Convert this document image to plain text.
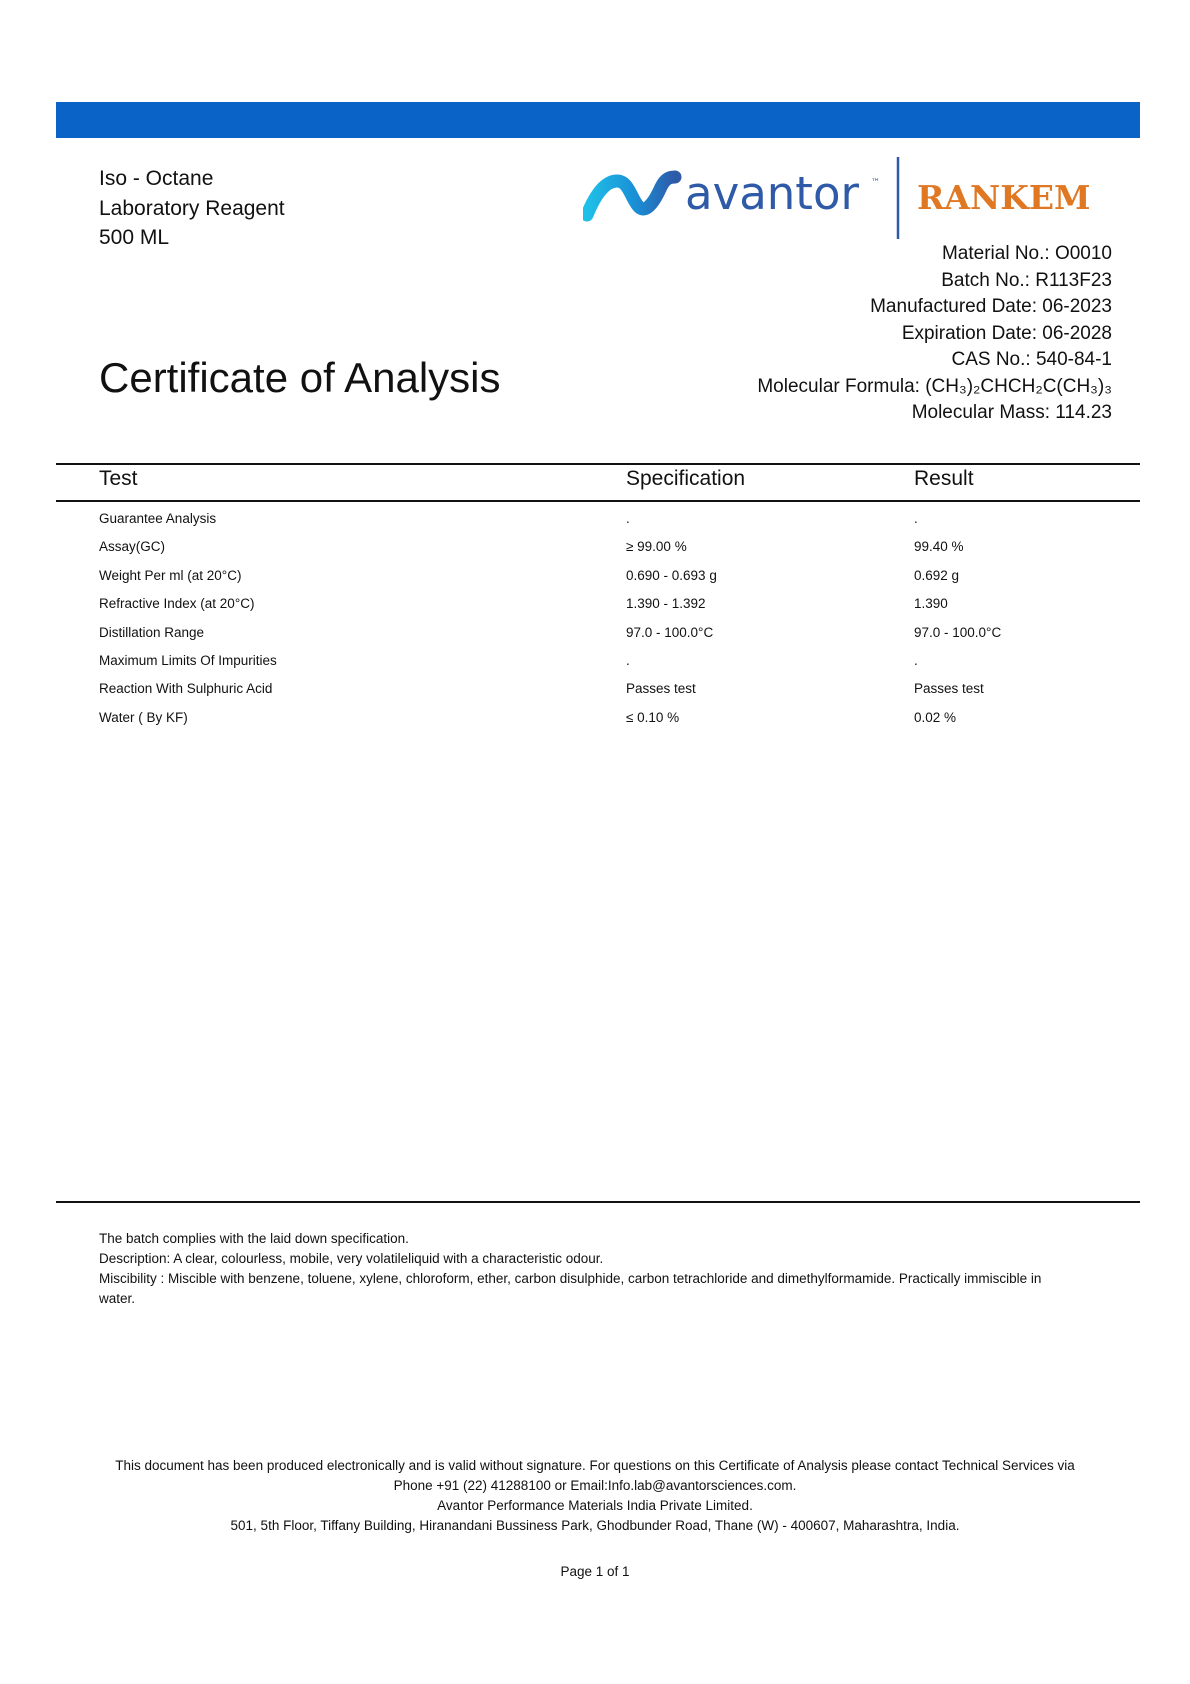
Iso - Octane
Laboratory Reagent
500 ML
avantor ™ RANKEM
Material No.: O0010
Batch No.: R113F23
Manufactured Date: 06-2023
Expiration Date: 06-2028
CAS No.: 540-84-1
Molecular Formula: (CH₃)₂CHCH₂C(CH₃)₃
Molecular Mass: 114.23
Certificate of Analysis
Test	Specification	Result
Guarantee Analysis	.	.
Assay(GC)	≥ 99.00 %	99.40 %
Weight Per ml (at 20°C)	0.690 - 0.693 g	0.692 g
Refractive Index (at 20°C)	1.390 - 1.392	1.390
Distillation Range	97.0 - 100.0°C	97.0 - 100.0°C
Maximum Limits Of Impurities	.	.
Reaction With Sulphuric Acid	Passes test	Passes test
Water ( By KF)	≤ 0.10 %	0.02 %

The batch complies with the laid down specification.

Description: A clear, colourless, mobile, very volatileliquid with a characteristic odour.

Miscibility : Miscible with benzene, toluene, xylene, chloroform, ether, carbon disulphide, carbon tetrachloride and dimethylformamide. Practically immiscible in water.

This document has been produced electronically and is valid without signature. For questions on this Certificate of Analysis please contact Technical Services via

Phone +91 (22) 41288100 or Email:Info.lab@avantorsciences.com.

Avantor Performance Materials India Private Limited.

501, 5th Floor, Tiffany Building, Hiranandani Bussiness Park, Ghodbunder Road, Thane (W) - 400607, Maharashtra, India.

Page 1 of 1
